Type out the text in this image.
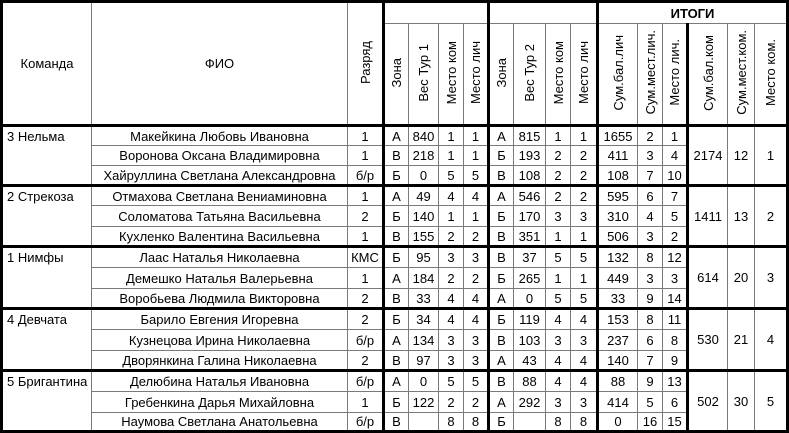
Команда	ФИО	Разряд									ИТОГИ					
			Зона	Вес Тур 1	Место ком	Место лич	Зона	Вес Тур 2	Место ком	Место лич	Сум.бал.лич	Сум.мест.лич.	Место лич.	Сум.бал.ком	Сум.мест.ком.	Место ком.
3 Нельма	Макейкина Любовь Ивановна	1	А	840	1	1	А	815	1	1	1655	2	1	2174	12	1
	Воронова Оксана Владимировна	1	В	218	1	1	Б	193	2	2	411	3	4			
	Хайруллина Светлана Александровна	б/р	Б	0	5	5	В	108	2	2	108	7	10			
2 Стрекоза	Отмахова Светлана Вениаминовна	1	А	49	4	4	А	546	2	2	595	6	7	1411	13	2
	Соломатова Татьяна Васильевна	2	Б	140	1	1	Б	170	3	3	310	4	5			
	Кухленко Валентина Васильевна	1	В	155	2	2	В	351	1	1	506	3	2			
1 Нимфы	Лаас Наталья Николаевна	КМС	Б	95	3	3	В	37	5	5	132	8	12	614	20	3
	Демешко Наталья Валерьевна	1	А	184	2	2	Б	265	1	1	449	3	3			
	Воробьева Людмила Викторовна	2	В	33	4	4	А	0	5	5	33	9	14			
4 Девчата	Барило Евгения Игоревна	2	Б	34	4	4	Б	119	4	4	153	8	11	530	21	4
	Кузнецова Ирина Николаевна	б/р	А	134	3	3	В	103	3	3	237	6	8			
	Дворянкина Галина Николаевна	2	В	97	3	3	А	43	4	4	140	7	9			
5 Бригантина	Делюбина Наталья Ивановна	б/р	А	0	5	5	В	88	4	4	88	9	13	502	30	5
	Гребенкина Дарья Михайловна	1	Б	122	2	2	А	292	3	3	414	5	6			
	Наумова Светлана Анатольевна	б/р	В		8	8	Б		8	8	0	16	15			
